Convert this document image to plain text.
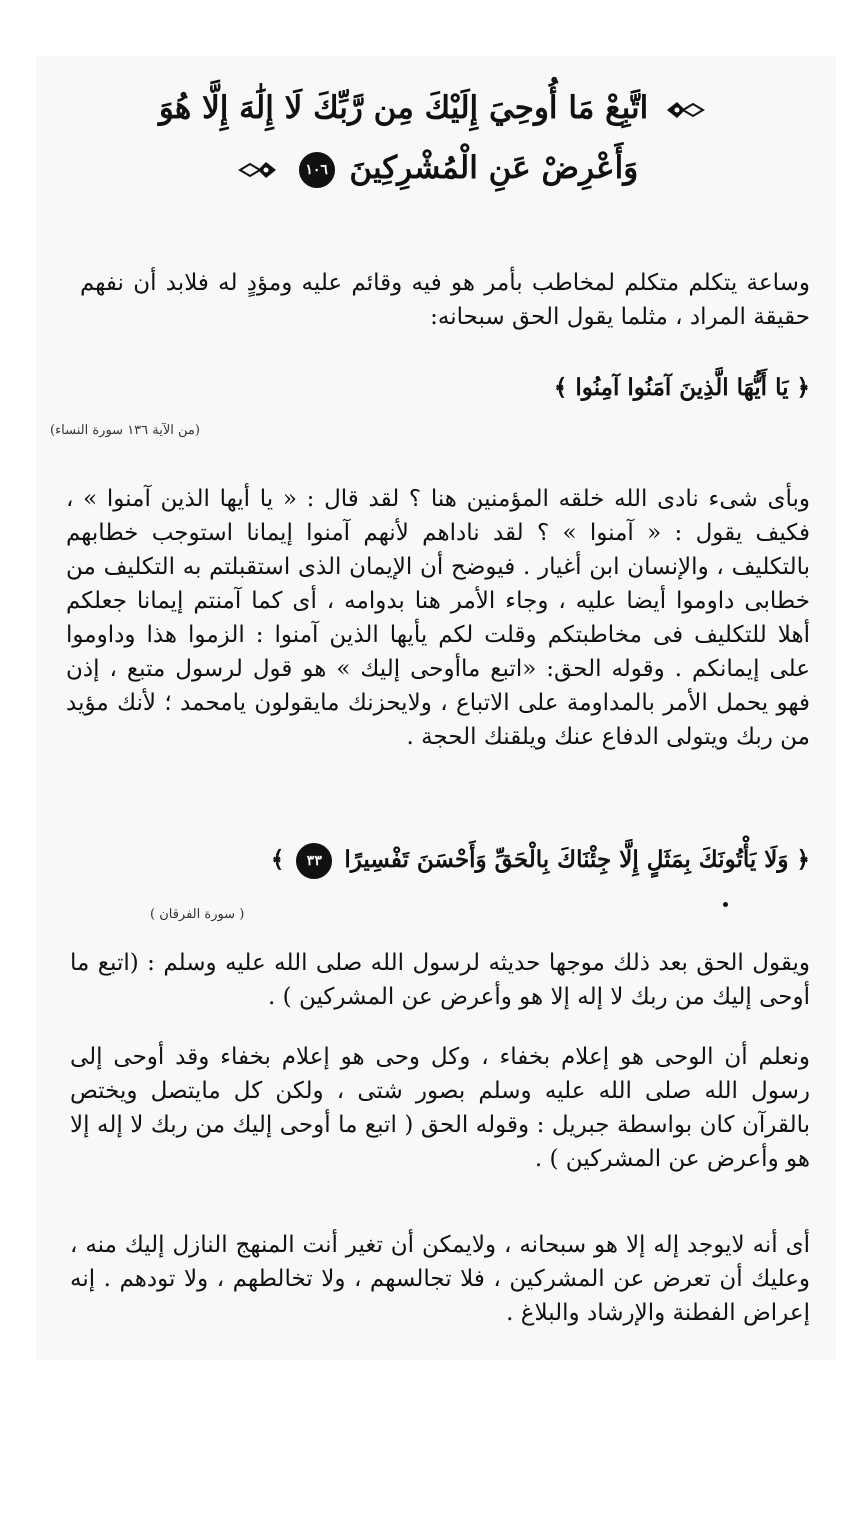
اتَّبِعْ مَا أُوحِيَ إِلَيْكَ مِن رَّبِّكَ لَا إِلَٰهَ إِلَّا هُوَ
وَأَعْرِضْ عَنِ الْمُشْرِكِينَ ١٠٦

وساعة يتكلم متكلم لمخاطب بأمر هو فيه وقائم عليه ومؤدٍ له فلابد أن نفهم حقيقة المراد ، مثلما يقول الحق سبحانه:

﴿ يَا أَيُّهَا الَّذِينَ آمَنُوا آمِنُوا ﴾
(من الآية ١٣٦ سورة النساء)

وبأى شىء نادى الله خلقه المؤمنين هنا ؟ لقد قال : « يا أيها الذين آمنوا » ، فكيف يقول : « آمنوا » ؟ لقد ناداهم لأنهم آمنوا إيمانا استوجب خطابهم بالتكليف ، والإنسان ابن أغيار . فيوضح أن الإيمان الذى استقبلتم به التكليف من خطابى داوموا أيضا عليه ، وجاء الأمر هنا بدوامه ، أى كما آمنتم إيمانا جعلكم أهلا للتكليف فى مخاطبتكم وقلت لكم يأيها الذين آمنوا : الزموا هذا وداوموا على إيمانكم . وقوله الحق: «اتبع ماأوحى إليك » هو قول لرسول متبع ، إذن فهو يحمل الأمر بالمداومة على الاتباع ، ولايحزنك مايقولون يامحمد ؛ لأنك مؤيد من ربك ويتولى الدفاع عنك ويلقنك الحجة .

﴿ وَلَا يَأْتُونَكَ بِمَثَلٍ إِلَّا جِئْنَاكَ بِالْحَقِّ وَأَحْسَنَ تَفْسِيرًا ٣٣ ﴾
( سورة الفرقان )

ويقول الحق بعد ذلك موجها حديثه لرسول الله صلى الله عليه وسلم : (اتبع ما أوحى إليك من ربك لا إله إلا هو وأعرض عن المشركين ) .

ونعلم أن الوحى هو إعلام بخفاء ، وكل وحى هو إعلام بخفاء وقد أوحى إلى رسول الله صلى الله عليه وسلم بصور شتى ، ولكن كل مايتصل ويختص بالقرآن كان بواسطة جبريل : وقوله الحق ( اتبع ما أوحى إليك من ربك لا إله إلا هو وأعرض عن المشركين ) .

أى أنه لايوجد إله إلا هو سبحانه ، ولايمكن أن تغير أنت المنهج النازل إليك منه ، وعليك أن تعرض عن المشركين ، فلا تجالسهم ، ولا تخالطهم ، ولا تودهم . إنه إعراض الفطنة والإرشاد والبلاغ .
